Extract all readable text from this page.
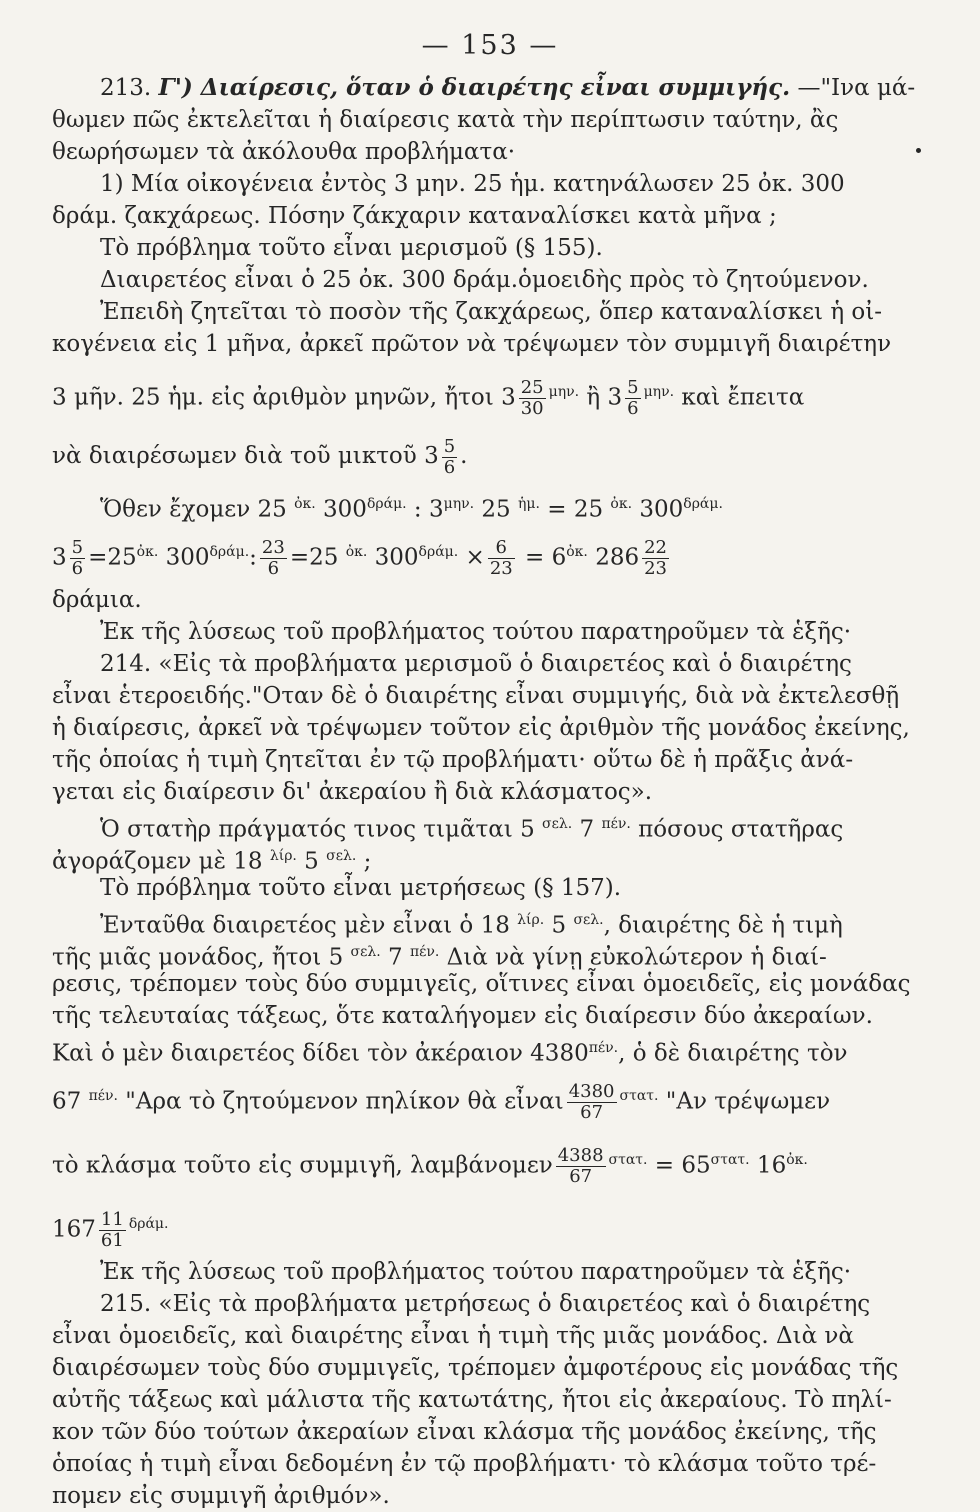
— 153 —
213. Γ') Διαίρεσις, ὅταν ὁ διαιρέτης εἶναι συμμιγής. —"Ινα μά-
θωμεν πῶς ἐκτελεῖται ἡ διαίρεσις κατὰ τὴν περίπτωσιν ταύτην, ἂς
θεωρήσωμεν τὰ ἀκόλουθα προβλήματα·
1) Μία οἰκογένεια ἐντὸς 3 μην. 25 ἡμ. κατηνάλωσεν 25 ὀκ. 300
δράμ. ζακχάρεως. Πόσην ζάκχαριν καταναλίσκει κατὰ μῆνα ;
Τὸ πρόβλημα τοῦτο εἶναι μερισμοῦ (§ 155).
Διαιρετέος εἶναι ὁ 25 ὀκ. 300 δράμ.ὁμοειδὴς πρὸς τὸ ζητούμενον.
Ἐπειδὴ ζητεῖται τὸ ποσὸν τῆς ζακχάρεως, ὅπερ καταναλίσκει ἡ οἰ-
κογένεια εἰς 1 μῆνα, ἀρκεῖ πρῶτον νὰ τρέψωμεν τὸν συμμιγῆ διαιρέτην
3 μῆν. 25 ἡμ. εἰς ἀριθμὸν μηνῶν, ἤτοι $3 \frac{25}{30} ^{\mu\eta\nu.}$ ἢ $3 \frac{5}{6} ^{\mu\eta\nu.}$ καὶ ἔπειτα
νὰ διαιρέσωμεν διὰ τοῦ μικτοῦ $3 \frac{5}{6}$ .
Ὅθεν ἔχομεν 25 $^{ὀ\kappa.}$ $300^{\delta\rho ά\mu.}$ : $3^{\mu\eta\nu.}$ 25 $^{ἡ\mu.}$ = 25 $^{ὀ\kappa.}$ $300^{\delta\rho ά\mu.}$
$3 \frac{5}{6} =25^{ὀ\kappa.}$ $300^{\delta\rho ά\mu.}$: $\frac{23}{6} =25$ $^{ὀ\kappa.}$ $300^{\delta\rho ά\mu.} \times \frac{6}{23} = 6^{ὀ\kappa.}$ $286 \frac{22}{23}$
δράμια.
Ἐκ τῆς λύσεως τοῦ προβλήματος τούτου παρατηροῦμεν τὰ ἑξῆς·
214. «Εἰς τὰ προβλήματα μερισμοῦ ὁ διαιρετέος καὶ ὁ διαιρέτης
εἶναι ἑτεροειδής."Οταν δὲ ὁ διαιρέτης εἶναι συμμιγής, διὰ νὰ ἐκτελεσθῇ
ἡ διαίρεσις, ἀρκεῖ νὰ τρέψωμεν τοῦτον εἰς ἀριθμὸν τῆς μονάδος ἐκείνης,
τῆς ὁποίας ἡ τιμὴ ζητεῖται ἐν τῷ προβλήματι· οὕτω δὲ ἡ πρᾶξις ἀνά-
γεται εἰς διαίρεσιν δι' ἀκεραίου ἢ διὰ κλάσματος».
Ὁ στατὴρ πράγματός τινος τιμᾶται 5 $^{\sigma\varepsilon\lambda.}$ 7 $^{\pi έ\nu.}$ πόσους στατῆρας
ἀγοράζομεν μὲ 18 $^{\lambda ί\rho.}$ 5 $^{\sigma\varepsilon\lambda.}$ ;
Τὸ πρόβλημα τοῦτο εἶναι μετρήσεως (§ 157).
Ἐνταῦθα διαιρετέος μὲν εἶναι ὁ 18 $^{\lambda ί\rho.}$ 5 $^{\sigma\varepsilon\lambda.}$, διαιρέτης δὲ ἡ τιμὴ
τῆς μιᾶς μονάδος, ἤτοι 5 $^{\sigma\varepsilon\lambda.}$ 7 $^{\pi έ\nu.}$ Διὰ νὰ γίνῃ εὐκολώτερον ἡ διαί-
ρεσις, τρέπομεν τοὺς δύο συμμιγεῖς, οἵτινες εἶναι ὁμοειδεῖς, εἰς μονάδας
τῆς τελευταίας τάξεως, ὅτε καταλήγομεν εἰς διαίρεσιν δύο ἀκεραίων.
Καὶ ὁ μὲν διαιρετέος δίδει τὸν ἀκέραιον $4380^{\pi έ\nu.}$, ὁ δὲ διαιρέτης τὸν
67 $^{\pi έ\nu.}$ "Αρα τὸ ζητούμενον πηλίκον θὰ εἶναι $\frac{4380}{67} ^{\sigma\tau\alpha\tau.}$ "Αν τρέψωμεν
τὸ κλάσμα τοῦτο εἰς συμμιγῆ, λαμβάνομεν $\frac{4388}{67} ^{\sigma\tau\alpha\tau.} = 65^{\sigma\tau\alpha\tau.}$ $16^{ὀ\kappa.}$
$167 \frac{11}{61} ^{\delta\rho ά\mu.}$
Ἐκ τῆς λύσεως τοῦ προβλήματος τούτου παρατηροῦμεν τὰ ἑξῆς·
215. «Εἰς τὰ προβλήματα μετρήσεως ὁ διαιρετέος καὶ ὁ διαιρέτης
εἶναι ὁμοειδεῖς, καὶ διαιρέτης εἶναι ἡ τιμὴ τῆς μιᾶς μονάδος. Διὰ νὰ
διαιρέσωμεν τοὺς δύο συμμιγεῖς, τρέπομεν ἀμφοτέρους εἰς μονάδας τῆς
αὐτῆς τάξεως καὶ μάλιστα τῆς κατωτάτης, ἤτοι εἰς ἀκεραίους. Τὸ πηλί-
κον τῶν δύο τούτων ἀκεραίων εἶναι κλάσμα τῆς μονάδος ἐκείνης, τῆς
ὁποίας ἡ τιμὴ εἶναι δεδομένη ἐν τῷ προβλήματι· τὸ κλάσμα τοῦτο τρέ-
πομεν εἰς συμμιγῆ ἀριθμόν».
